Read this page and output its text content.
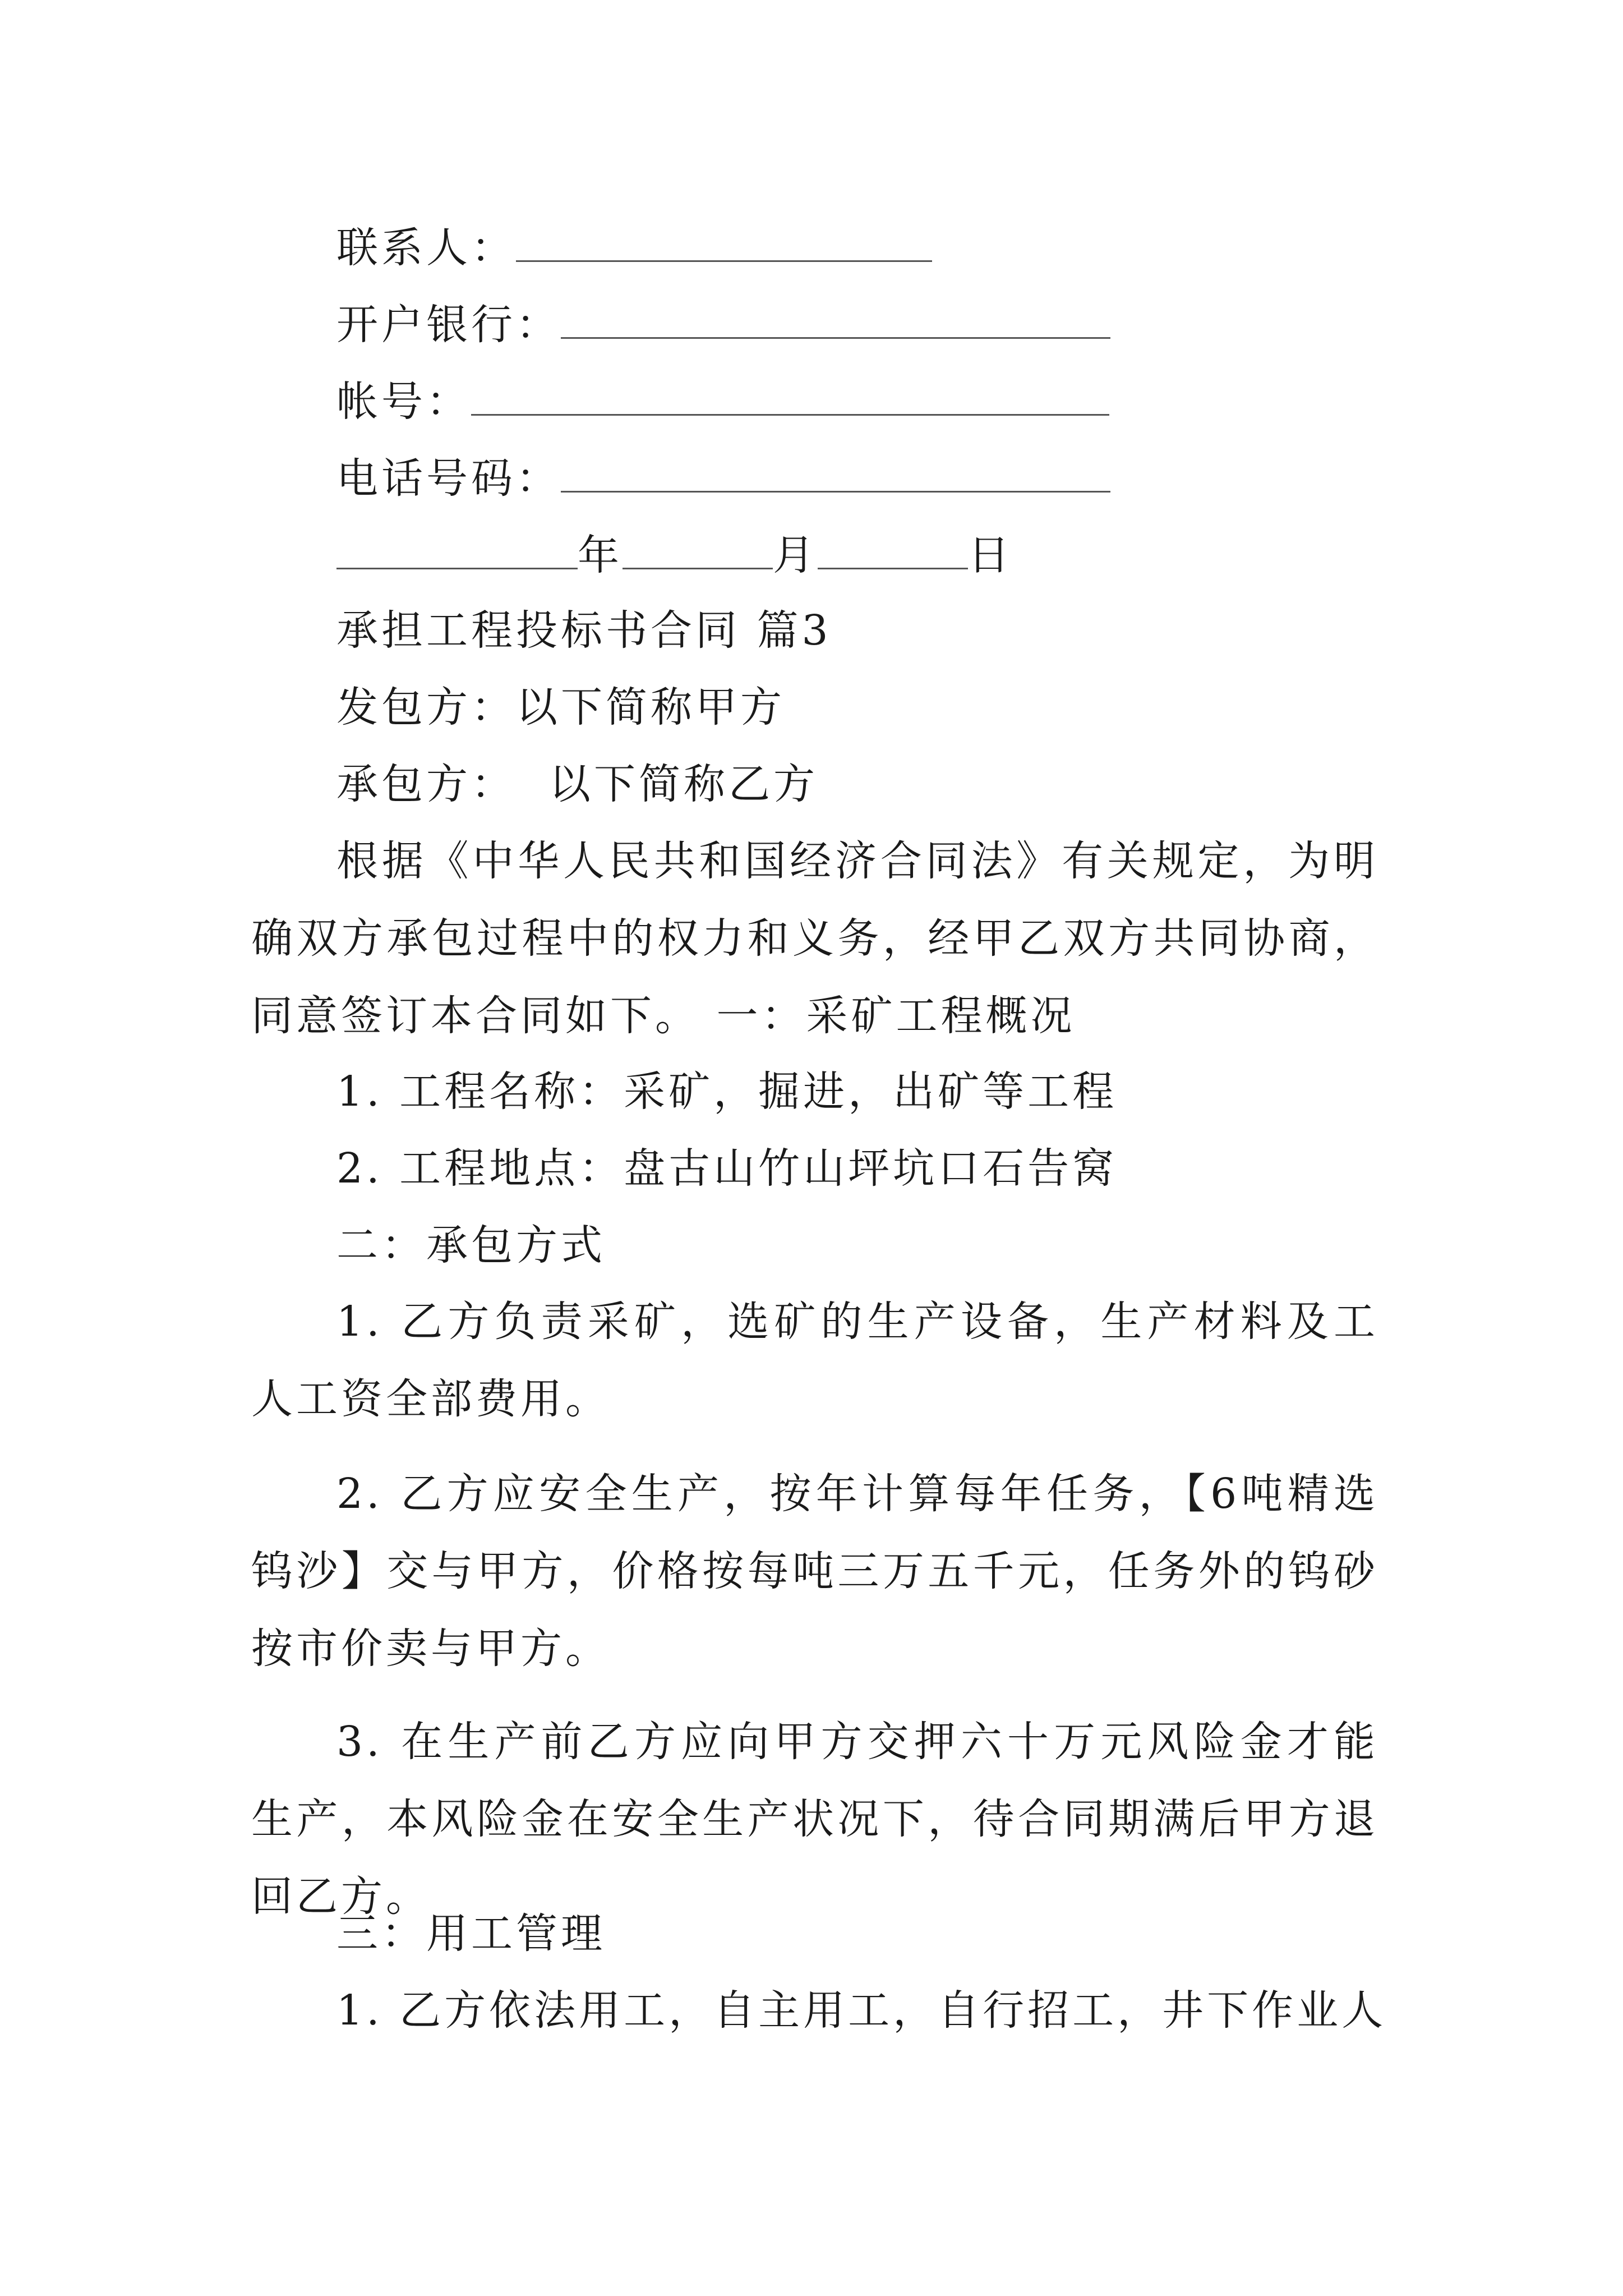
联系人：
开户银行：
帐号：
电话号码：
年	月	日
承担工程投标书合同 篇3
发包方：以下简称甲方
承包方：  以下简称乙方
根据《中华人民共和国经济合同法》有关规定，为明确双方承包过程中的权力和义务，经甲乙双方共同协商，同意签订本合同如下。 一：采矿工程概况
1. 工程名称：采矿，掘进，出矿等工程
2. 工程地点：盘古山竹山坪坑口石告窝
二：承包方式
1. 乙方负责采矿，选矿的生产设备，生产材料及工人工资全部费用。
2. 乙方应安全生产，按年计算每年任务，【6吨精选钨沙】交与甲方，价格按每吨三万五千元，任务外的钨砂按市价卖与甲方。
3. 在生产前乙方应向甲方交押六十万元风险金才能生产，本风险金在安全生产状况下，待合同期满后甲方退回乙方。
三：用工管理
1. 乙方依法用工，自主用工，自行招工，井下作业人
